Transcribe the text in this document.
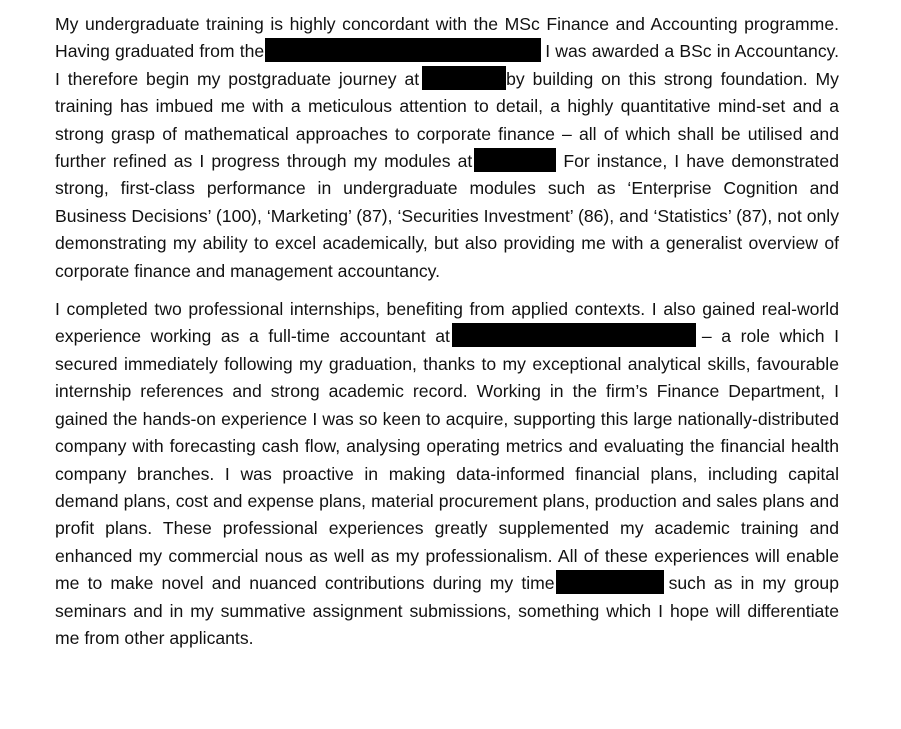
My undergraduate training is highly concordant with the MSc Finance and Accounting programme. Having graduated from the	I was awarded a BSc in Accountancy. I therefore begin my postgraduate journey at	by building on this strong foundation. My training has imbued me with a meticulous attention to detail, a highly quantitative mind-set and a strong grasp of mathematical approaches to corporate finance – all of which shall be utilised and further refined as I progress through my modules at	For instance, I have demonstrated strong, first-class performance in undergraduate modules such as ‘Enterprise Cognition and Business Decisions’ (100), ‘Marketing’ (87), ‘Securities Investment’ (86), and ‘Statistics’ (87), not only demonstrating my ability to excel academically, but also providing me with a generalist overview of corporate finance and management accountancy.

I completed two professional internships, benefiting from applied contexts. I also gained real-world experience working as a full-time accountant at	– a role which I secured immediately following my graduation, thanks to my exceptional analytical skills, favourable internship references and strong academic record. Working in the firm’s Finance Department, I gained the hands-on experience I was so keen to acquire, supporting this large nationally-distributed company with forecasting cash flow, analysing operating metrics and evaluating the financial health company branches. I was proactive in making data-informed financial plans, including capital demand plans, cost and expense plans, material procurement plans, production and sales plans and profit plans. These professional experiences greatly supplemented my academic training and enhanced my commercial nous as well as my professionalism. All of these experiences will enable me to make novel and nuanced contributions during my time	such as in my group seminars and in my summative assignment submissions, something which I hope will differentiate me from other applicants.
